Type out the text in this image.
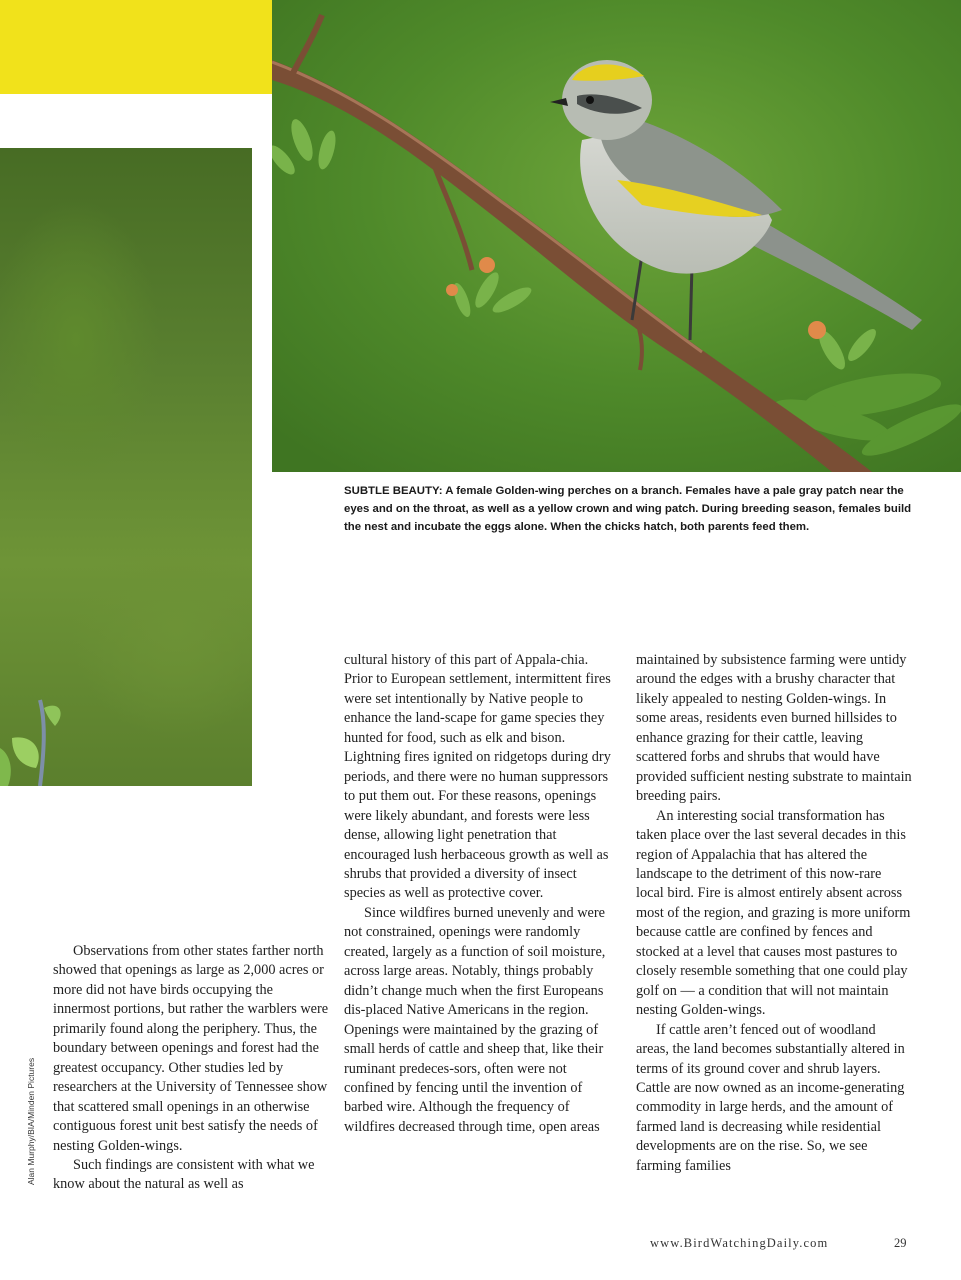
SUBTLE BEAUTY: A female Golden-wing perches on a branch. Females have a pale gray patch near the eyes and on the throat, as well as a yellow crown and wing patch. During breeding season, females build the nest and incubate the eggs alone. When the chicks hatch, both parents feed them.
Alan Murphy/BIA/Minden Pictures

Observations from other states farther north showed that openings as large as 2,000 acres or more did not have birds occupying the innermost portions, but rather the warblers were primarily found along the periphery. Thus, the boundary between openings and forest had the greatest occupancy. Other studies led by researchers at the University of Tennessee show that scattered small openings in an otherwise contiguous forest unit best satisfy the needs of nesting Golden-wings.

Such findings are consistent with what we know about the natural as well as

cultural history of this part of Appala-chia. Prior to European settlement, intermittent fires were set intentionally by Native people to enhance the land-scape for game species they hunted for food, such as elk and bison. Lightning fires ignited on ridgetops during dry periods, and there were no human suppressors to put them out. For these reasons, openings were likely abundant, and forests were less dense, allowing light penetration that encouraged lush herbaceous growth as well as shrubs that provided a diversity of insect species as well as protective cover.

Since wildfires burned unevenly and were not constrained, openings were randomly created, largely as a function of soil moisture, across large areas. Notably, things probably didn’t change much when the first Europeans dis-placed Native Americans in the region. Openings were maintained by the grazing of small herds of cattle and sheep that, like their ruminant predeces-sors, often were not confined by fencing until the invention of barbed wire. Although the frequency of wildfires decreased through time, open areas

maintained by subsistence farming were untidy around the edges with a brushy character that likely appealed to nesting Golden-wings. In some areas, residents even burned hillsides to enhance grazing for their cattle, leaving scattered forbs and shrubs that would have provided sufficient nesting substrate to maintain breeding pairs.

An interesting social transformation has taken place over the last several decades in this region of Appalachia that has altered the landscape to the detriment of this now-rare local bird. Fire is almost entirely absent across most of the region, and grazing is more uniform because cattle are confined by fences and stocked at a level that causes most pastures to closely resemble something that one could play golf on — a condition that will not maintain nesting Golden-wings.

If cattle aren’t fenced out of woodland areas, the land becomes substantially altered in terms of its ground cover and shrub layers. Cattle are now owned as an income-generating commodity in large herds, and the amount of farmed land is decreasing while residential developments are on the rise. So, we see farming families

www.BirdWatchingDaily.com	29
